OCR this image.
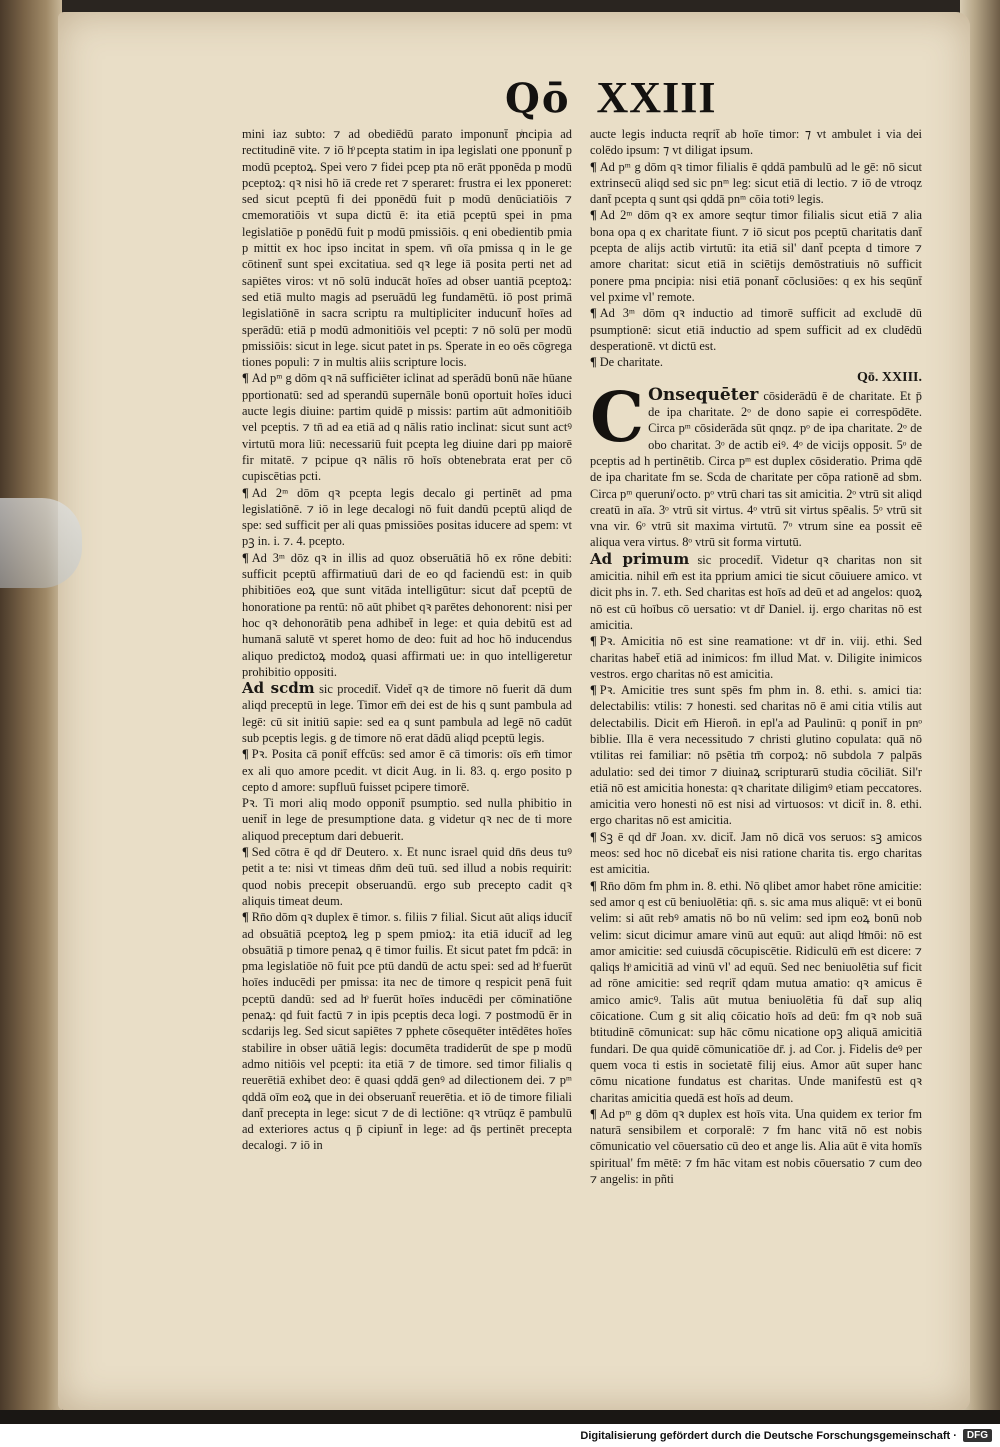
Qō XXIII

mini iaz subto: ⁊ ad obediēdū parato imponunt̄ pͥncipia ad rectitudinē vite. ⁊ iō hͦ pcepta statim in ipa legislati one pponunt̄ p modū pceptoꝝ. Spei vero ⁊ fidei pcep pta nō erāt pponēda p modū pceptoꝝ: qꝛ nisi hō iā crede ret ⁊ speraret: frustra ei lex pponeret: sed sicut pceptū fi dei pponēdū fuit p modū denūciatiōis ⁊ cmemoratiōis vt supa dictū ē: ita etiā pceptū spei in pma legislatiōe p ponēdū fuit p modū pmissiōis. q eni obedientib pmia p mittit ex hoc ipso incitat in spem. vn̄ oīa pmissa q in le ge cōtinent̄ sunt spei excitatiua. sed qꝛ lege iā posita perti net ad sapiētes viros: vt nō solū inducāt hoīes ad obser uantiā pceptoꝝ: sed etiā multo magis ad pseruādū leg fundamētū. iō post primā legislatiōnē in sacra scriptu ra multipliciter inducunt̄ hoīes ad sperādū: etiā p modū admonitiōis vel pcepti: ⁊ nō solū per modū pmissiōis: sicut in lege. sicut patet in ps. Sperate in eo oēs cōgrega tiones populi: ⁊ in multis aliis scripture locis.

¶ Ad pᵐ g dōm qꝛ nā sufficiēter iclinat ad sperādū bonū nāe hūane pportionatū: sed ad sperandū supernāle bonū oportuit hoīes iduci aucte legis diuine: partim quidē p missis: partim aūt admonitiōib vel pceptis. ⁊ tn̄ ad ea etiā ad q nālis ratio inclinat: sicut sunt actꝰ virtutū mora liū: necessariū fuit pcepta leg diuine dari pp maiorē fir mitatē. ⁊ pcipue qꝛ nālis rō hoīs obtenebrata erat per cō cupiscētias pcti.

¶ Ad 2ᵐ dōm qꝛ pcepta legis decalo gi pertinēt ad pma legislatiōnē. ⁊ iō in lege decalogi nō fuit dandū pceptū aliqd de spe: sed sufficit per ali quas pmissiōes positas iducere ad spem: vt pꝫ in. i. ⁊. 4. pcepto.

¶ Ad 3ᵐ dōz qꝛ in illis ad quoz obseruātiā hō ex rōne debiti: sufficit pceptū affirmatiuū dari de eo qd faciendū est: in quib phibitiōes eoꝝ que sunt vitāda intelligūtur: sicut dat̄ pceptū de honoratione pa rentū: nō aūt phibet qꝛ parētes dehonorent: nisi per hoc qꝛ dehonorātib pena adhibet̄ in lege: et quia debitū est ad humanā salutē vt speret homo de deo: fuit ad hoc hō inducendus aliquo predictoꝝ modoꝝ quasi affirmati ue: in quo intelligeretur prohibitio oppositi.

Ad scdm sic procedit̄. Videt̄ qꝛ de timore nō fuerit dā dum aliqd preceptū in lege. Timor em̄ dei est de his q sunt pambula ad legē: cū sit initiū sapie: sed ea q sunt pambula ad legē nō cadūt sub pceptis legis. g de timore nō erat dādū aliqd pceptū legis.

¶ Pꝛ. Posita cā ponit̄ effcūs: sed amor ē cā timoris: oīs em̄ timor ex ali quo amore pcedit. vt dicit Aug. in li. 83. q. ergo posito p cepto d amore: supfluū fuisset pcipere timorē.

Pꝛ. Ti mori aliq modo opponit̄ psumptio. sed nulla phibitio in uenit̄ in lege de presumptione data. g videtur qꝛ nec de ti more aliquod preceptum dari debuerit.

¶ Sed cōtra ē qd dr̄ Deutero. x. Et nunc israel quid dn̄s deus tuꝰ petit a te: nisi vt timeas dn̄m deū tuū. sed illud a nobis requirit: quod nobis precepit obseruandū. ergo sub precepto cadit qꝛ aliquis timeat deum.

¶ Rn̄o dōm qꝛ duplex ē timor. s. filiis ⁊ filial. Sicut aūt aliqs iducit̄ ad obsuātiā pceptoꝝ leg p spem pmioꝝ: ita etiā iducit̄ ad leg obsuātiā p timore penaꝝ q ē timor fuilis. Et sicut patet fm pdcā: in pma legislatiōe nō fuit pce ptū dandū de actu spei: sed ad hͦ fuerūt hoīes inducēdi per pmissa: ita nec de timore q respicit penā fuit pceptū dandū: sed ad hͦ fuerūt hoīes inducēdi per cōminatiōne penaꝝ: qd fuit factū ⁊ in ipis pceptis deca logi. ⁊ postmodū ēr in scdarijs leg. Sed sicut sapiētes ⁊ pphete cōsequēter intēdētes hoīes stabilire in obser uātiā legis: documēta tradiderūt de spe p modū admo nitiōis vel pcepti: ita etiā ⁊ de timore. sed timor filialis q reuerētiā exhibet deo: ē quasi qddā genꝰ ad dilectionem dei. ⁊ pᵐ qddā oīm eoꝝ que in dei obseruant̄ reuerētia. et iō de timore filiali dant̄ precepta in lege: sicut ⁊ de di lectiōne: qꝛ vtrūqz ē pambulū ad exteriores actus q p̄ cipiunt̄ in lege: ad q̄s pertinēt precepta decalogi. ⁊ iō in

aucte legis inducta reqrit̄ ab hoīe timor: ⁊ vt ambulet i via dei colēdo ipsum: ⁊ vt diligat ipsum.

¶ Ad pᵐ g dōm qꝛ timor filialis ē qddā pambulū ad le gē: nō sicut extrinsecū aliqd sed sic pnᵐ leg: sicut etiā di lectio. ⁊ iō de vtroqz dant̄ pcepta q sunt qsi qddā pnᵐ cōia totiꝰ legis.

¶ Ad 2ᵐ dōm qꝛ ex amore seqtur timor filialis sicut etiā ⁊ alia bona opa q ex charitate fiunt. ⁊ iō sicut pos pceptū charitatis dant̄ pcepta de alijs actib virtutū: ita etiā sil' dant̄ pcepta d timore ⁊ amore charitat: sicut etiā in sciētijs demōstratiuis nō sufficit ponere pma pncipia: nisi etiā ponant̄ cōclusiōes: q ex his seqūnt̄ vel pxime vl' remote.

¶ Ad 3ᵐ dōm qꝛ inductio ad timorē sufficit ad excludē dū psumptionē: sicut etiā inductio ad spem sufficit ad ex cludēdū desperationē. vt dictū est.

¶ De charitate.

Qō. XXIII.

C Onsequēter cōsiderādū ē de charitate. Et p̄ de ipa charitate. 2ᵒ de dono sapie ei correspōdēte. Circa pᵐ cōsiderāda sūt qnqz. pᵒ de ipa charitate. 2ᵒ de obo charitat. 3ᵒ de actib eiꝰ. 4ᵒ de vicijs opposit. 5ᵒ de pceptis ad h pertinētib. Circa pᵐ est duplex cōsideratio. Prima qdē de ipa charitate fm se. Scda de charitate per cōpa rationē ad sbm. Circa pᵐ queruni̸ octo. pᵒ vtrū chari tas sit amicitia. 2ᵒ vtrū sit aliqd creatū in aīa. 3ᵒ vtrū sit virtus. 4ᵒ vtrū sit virtus spēalis. 5ᵒ vtrū sit vna vir. 6ᵒ vtrū sit maxima virtutū. 7ᵒ vtrum sine ea possit eē aliqua vera virtus. 8ᵒ vtrū sit forma virtutū.

Ad primum sic procedit̄. Videtur qꝛ charitas non sit amicitia. nihil em̄ est ita pprium amici tie sicut cōuiuere amico. vt dicit phs in. 7. eth. Sed charitas est hoīs ad deū et ad angelos: quoꝝ nō est cū hoībus cō uersatio: vt dr̄ Daniel. ij. ergo charitas nō est amicitia.

¶ Pꝛ. Amicitia nō est sine reamatione: vt dr̄ in. viij. ethi. Sed charitas habet̄ etiā ad inimicos: fm illud Mat. v. Diligite inimicos vestros. ergo charitas nō est amicitia.

¶ Pꝛ. Amicitie tres sunt spēs fm phm in. 8. ethi. s. amici tia: delectabilis: vtilis: ⁊ honesti. sed charitas nō ē ami citia vtilis aut delectabilis. Dicit em̄ Hieroñ. in epl'a ad Paulinū: q ponit̄ in pnᵒ biblie. Illa ē vera necessitudo ⁊ christi glutino copulata: quā nō vtilitas rei familiar: nō psētia tm̄ corpoꝝ: nō subdola ⁊ palpās adulatio: sed dei timor ⁊ diuinaꝝ scripturarū studia cōciliāt. Sil'r etiā nō est amicitia honesta: qꝛ charitate diligimꝰ etiam peccatores. amicitia vero honesti nō est nisi ad virtuosos: vt dicit̄ in. 8. ethi. ergo charitas nō est amicitia.

¶ Sꝫ ē qd dr̄ Joan. xv. dicit̄. Jam nō dicā vos seruos: sꝫ amicos meos: sed hoc nō dicebat̄ eis nisi ratione charita tis. ergo charitas est amicitia.

¶ Rn̄o dōm fm phm in. 8. ethi. Nō qlibet amor habet rōne amicitie: sed amor q est cū beniuolētia: qn̄. s. sic ama mus aliquē: vt ei bonū velim: si aūt rebꝰ amatis nō bo nū velim: sed ipm eoꝝ bonū nob velim: sicut dicimur amare vinū aut equū: aut aliqd hͦmōi: nō est amor amicitie: sed cuiusdā cōcupiscētie. Ridiculū em̄ est dicere: ⁊ qaliqs hͦ amicitiā ad vinū vl' ad equū. Sed nec beniuolētia suf ficit ad rōne amicitie: sed reqrit̄ qdam mutua amatio: qꝛ amicus ē amico amicꝰ. Talis aūt mutua beniuolētia fū dat̄ sup aliq cōicatione. Cum g sit aliq cōicatio hoīs ad deū: fm qꝛ nob suā btitudinē cōmunicat: sup hāc cōmu nicatione opꝫ aliquā amicitiā fundari. De qua quidē cōmunicatiōe dr̄. j. ad Cor. j. Fidelis deꝰ per quem voca ti estis in societatē filij eius. Amor aūt super hanc cōmu nicatione fundatus est charitas. Unde manifestū est qꝛ charitas amicitia quedā est hoīs ad deum.

¶ Ad pᵐ g dōm qꝛ duplex est hoīs vita. Una quidem ex terior fm naturā sensibilem et corporalē: ⁊ fm hanc vitā nō est nobis cōmunicatio vel cōuersatio cū deo et ange lis. Alia aūt ē vita homīs spiritual' fm mētē: ⁊ fm hāc vitam est nobis cōuersatio ⁊ cum deo ⁊ angelis: in pñti

Digitalisierung gefördert durch die Deutsche Forschungsgemeinschaft ·	DFG
